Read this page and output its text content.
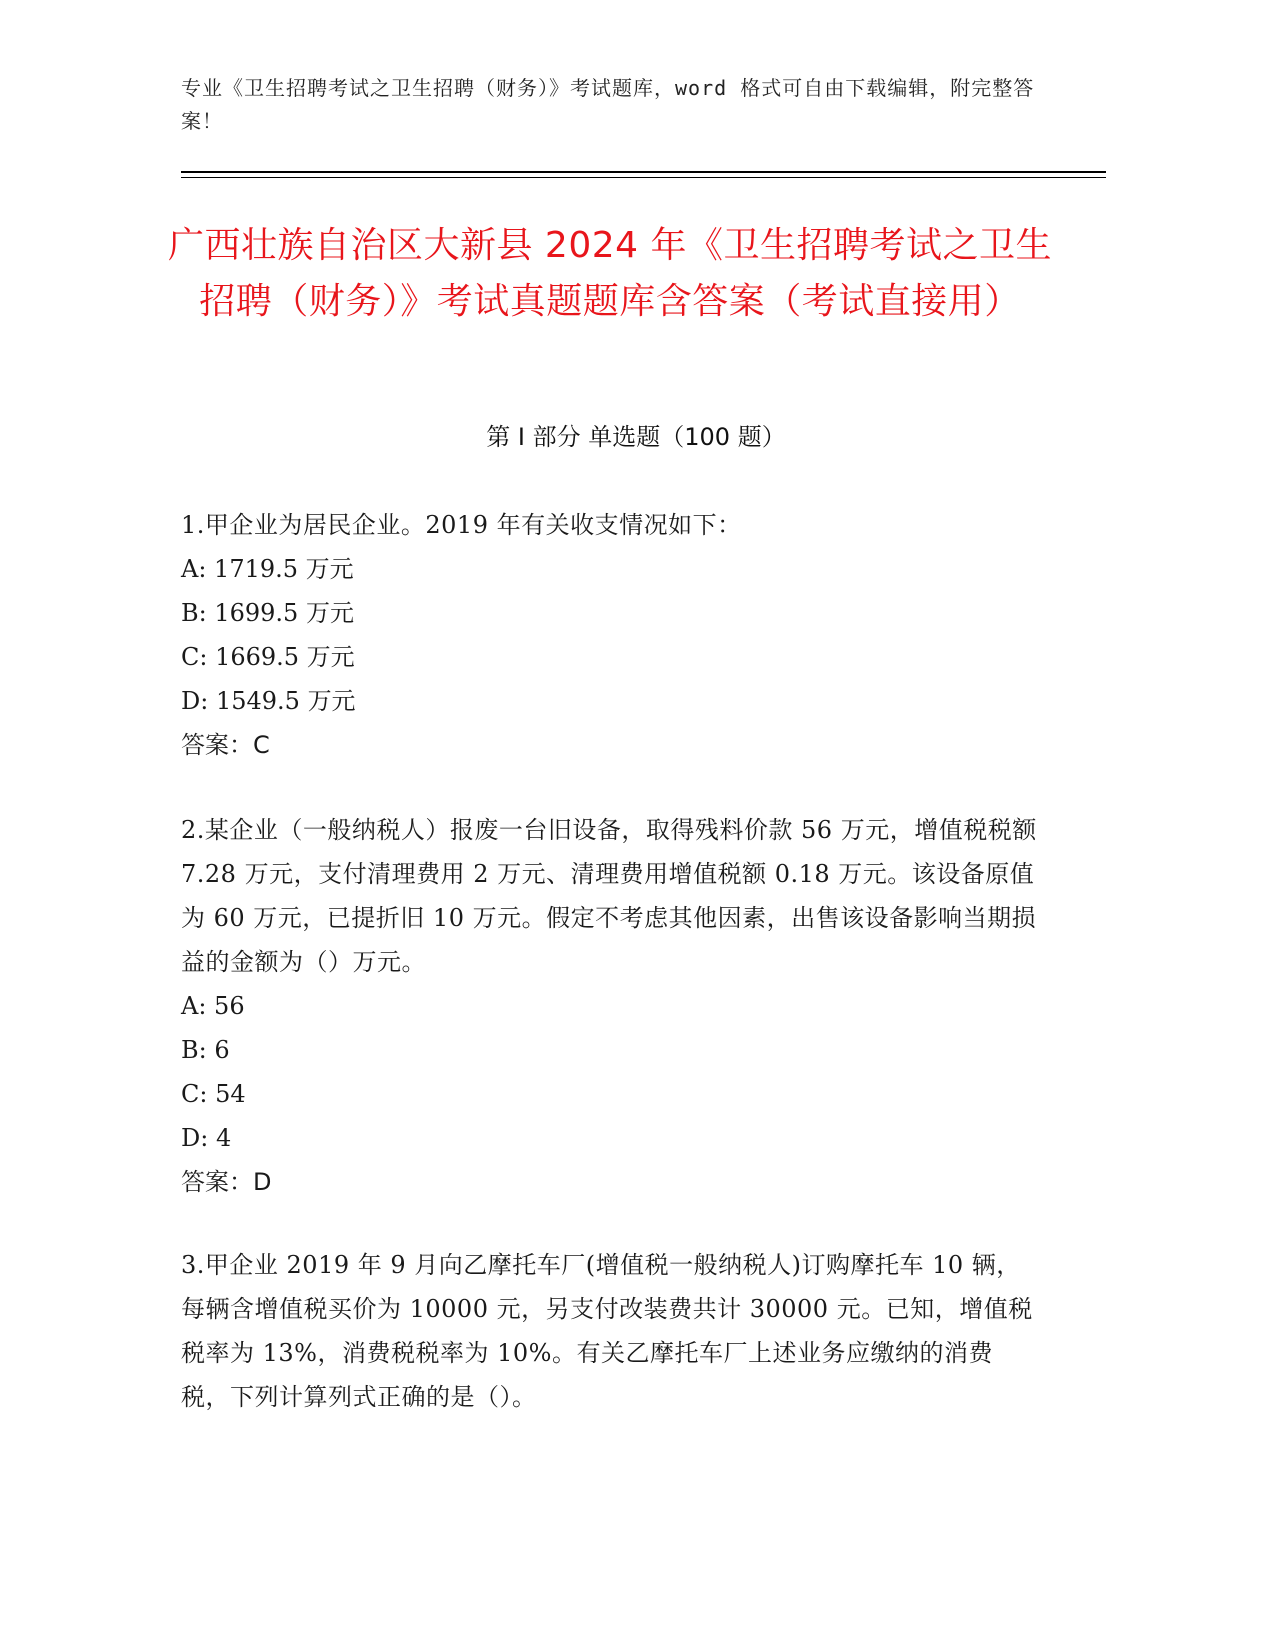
专业《卫生招聘考试之卫生招聘（财务）》考试题库，word 格式可自由下载编辑，附完整答案！
广西壮族自治区大新县 2024 年《卫生招聘考试之卫生招聘（财务）》考试真题题库含答案（考试直接用）
第 I 部分 单选题（100 题）
1.甲企业为居民企业。2019 年有关收支情况如下：
A: 1719.5 万元
B: 1699.5 万元
C: 1669.5 万元
D: 1549.5 万元
答案：C
2.某企业（一般纳税人）报废一台旧设备，取得残料价款 56 万元，增值税税额 7.28 万元，支付清理费用 2 万元、清理费用增值税额 0.18 万元。该设备原值为 60 万元，已提折旧 10 万元。假定不考虑其他因素，出售该设备影响当期损益的金额为（）万元。
A: 56
B: 6
C: 54
D: 4
答案：D
3.甲企业 2019 年 9 月向乙摩托车厂(增值税一般纳税人)订购摩托车 10 辆，每辆含增值税买价为 10000 元，另支付改装费共计 30000 元。已知，增值税税率为 13%，消费税税率为 10%。有关乙摩托车厂上述业务应缴纳的消费税，下列计算列式正确的是（）。
